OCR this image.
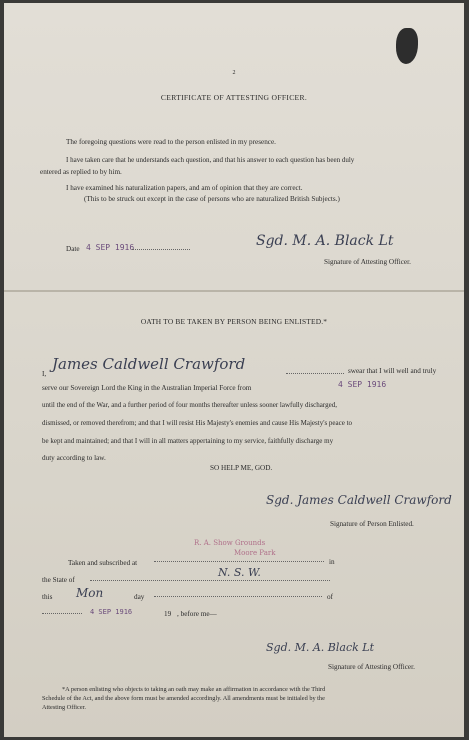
2
CERTIFICATE OF ATTESTING OFFICER.
The foregoing questions were read to the person enlisted in my presence.
I have taken care that he understands each question, and that his answer to each question has been duly
entered as replied to by him.
I have examined his naturalization papers, and am of opinion that they are correct.
(This to be struck out except in the case of persons who are naturalized British Subjects.)
Date 4 SEP 1916	Sgd. M. A. Black Lt
Signature of Attesting Officer.
OATH TO BE TAKEN BY PERSON BEING ENLISTED.*
I,
James Caldwell Crawford	swear that I will well and truly
serve our Sovereign Lord the King in the Australian Imperial Force from	4 SEP 1916
until the end of the War, and a further period of four months thereafter unless sooner lawfully discharged,
dismissed, or removed therefrom; and that I will resist His Majesty's enemies and cause His Majesty's peace to
be kept and maintained; and that I will in all matters appertaining to my service, faithfully discharge my
duty according to law.
SO HELP ME, GOD.
Sgd. James Caldwell Crawford
Signature of Person Enlisted.
Taken and subscribed at
R. A. Show Grounds
Moore Park
in
the State of
N. S. W.
this Mon	day	of
4 SEP 1916	19 , before me—
Sgd. M. A. Black Lt
Signature of Attesting Officer.
*A person enlisting who objects to taking an oath may make an affirmation in accordance with the Third
Schedule of the Act, and the above form must be amended accordingly. All amendments must be initialed by the
Attesting Officer.
